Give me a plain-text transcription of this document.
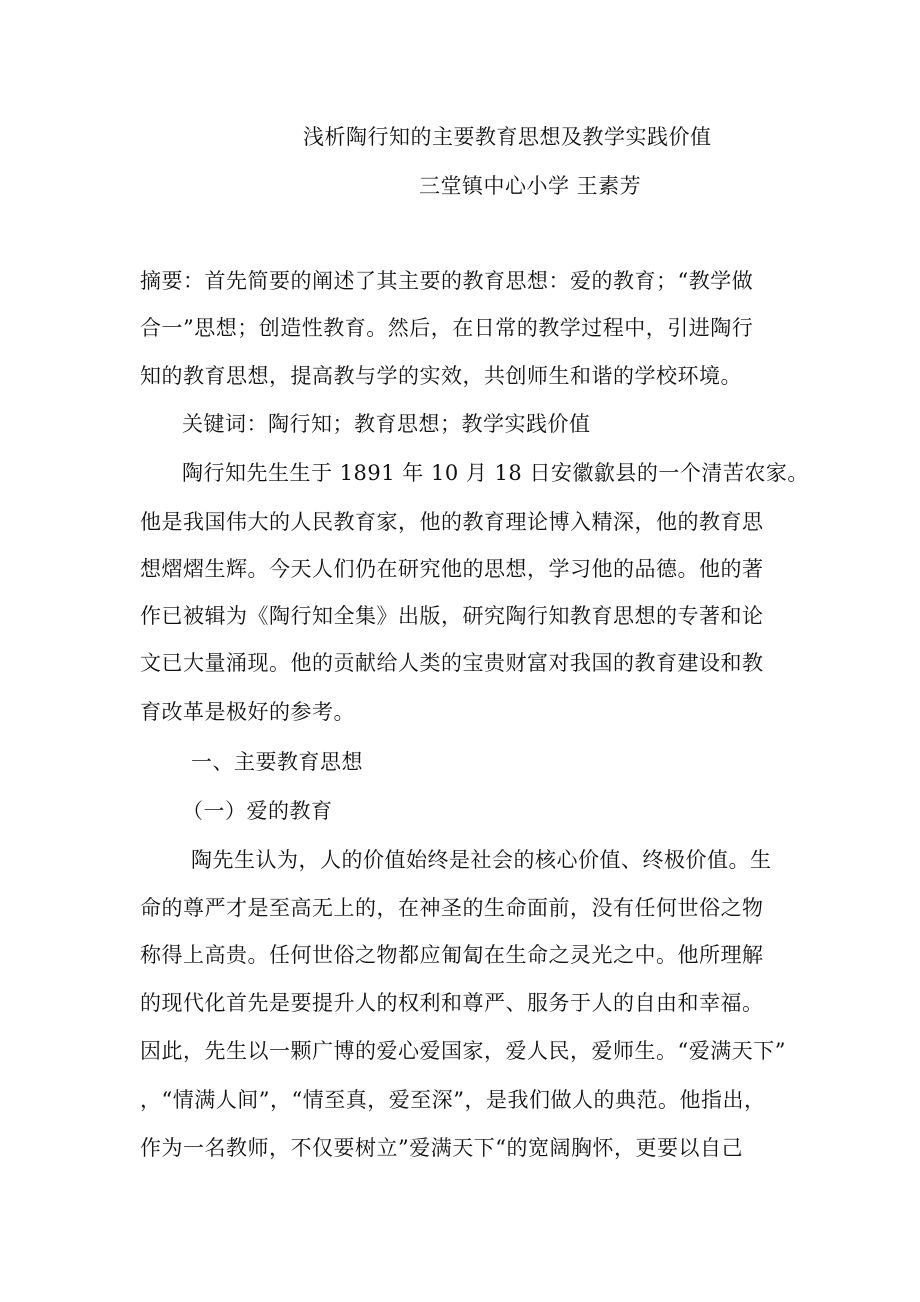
浅析陶行知的主要教育思想及教学实践价值
三堂镇中心小学 王素芳
摘要：首先简要的阐述了其主要的教育思想：爱的教育；“教学做
合一”思想；创造性教育。然后，在日常的教学过程中，引进陶行
知的教育思想，提高教与学的实效，共创师生和谐的学校环境。
关键词：陶行知；教育思想；教学实践价值
陶行知先生生于 1891 年 10 月 18 日安徽歙县的一个清苦农家。
他是我国伟大的人民教育家，他的教育理论博入精深，他的教育思
想熠熠生辉。今天人们仍在研究他的思想，学习他的品德。他的著
作已被辑为《陶行知全集》出版，研究陶行知教育思想的专著和论
文已大量涌现。他的贡献给人类的宝贵财富对我国的教育建设和教
育改革是极好的参考。
一、主要教育思想
（一）爱的教育
陶先生认为，人的价值始终是社会的核心价值、终极价值。生
命的尊严才是至高无上的，在神圣的生命面前，没有任何世俗之物
称得上高贵。任何世俗之物都应匍匐在生命之灵光之中。他所理解
的现代化首先是要提升人的权利和尊严、服务于人的自由和幸福。
因此，先生以一颗广博的爱心爱国家，爱人民，爱师生。“爱满天下”
，“情满人间”，“情至真，爱至深”，是我们做人的典范。他指出，
作为一名教师，不仅要树立”爱满天下“的宽阔胸怀，更要以自己
